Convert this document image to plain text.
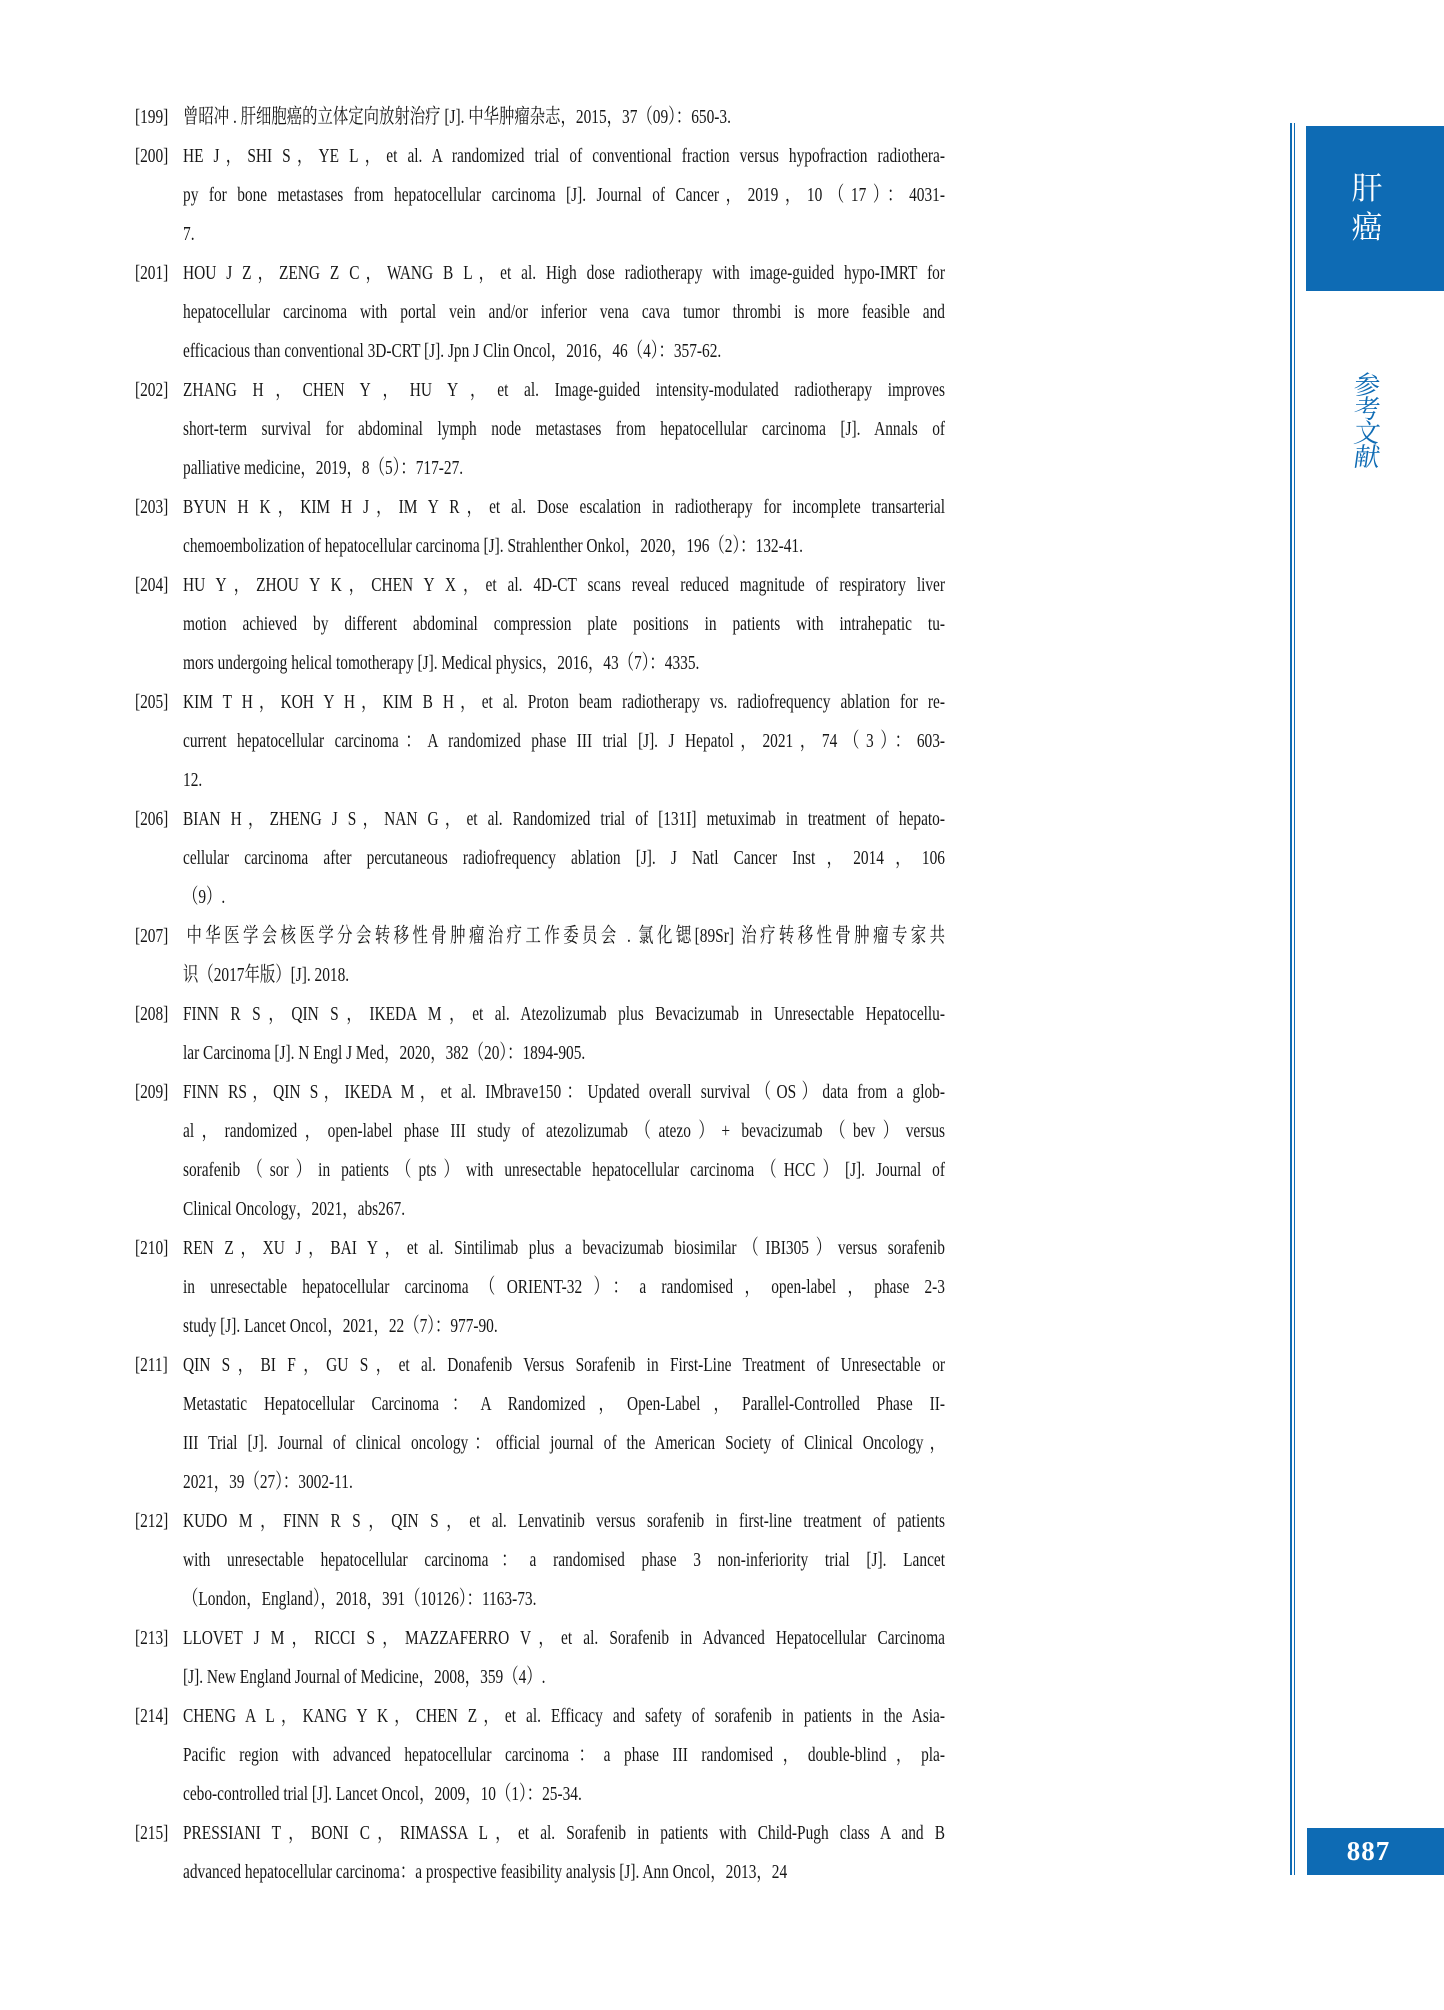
[199] 曾昭冲 . 肝细胞癌的立体定向放射治疗 [J]. 中华肿瘤杂志，2015，37（09）：650-3.
[200] HE J，SHI S，YE L，et al. A randomized trial of conventional fraction versus hypofraction radiothera-
py for bone metastases from hepatocellular carcinoma [J]. Journal of Cancer，2019，10（17）：4031-
7.
[201] HOU J Z，ZENG Z C，WANG B L，et al. High dose radiotherapy with image-guided hypo-IMRT for
hepatocellular carcinoma with portal vein and/or inferior vena cava tumor thrombi is more feasible and
efficacious than conventional 3D-CRT [J]. Jpn J Clin Oncol，2016，46（4）：357-62.
[202] ZHANG H，CHEN Y，HU Y，et al. Image-guided intensity-modulated radiotherapy improves
short-term survival for abdominal lymph node metastases from hepatocellular carcinoma [J]. Annals of
palliative medicine，2019，8（5）：717-27.
[203] BYUN H K，KIM H J，IM Y R，et al. Dose escalation in radiotherapy for incomplete transarterial
chemoembolization of hepatocellular carcinoma [J]. Strahlenther Onkol，2020，196（2）：132-41.
[204] HU Y，ZHOU Y K，CHEN Y X，et al. 4D-CT scans reveal reduced magnitude of respiratory liver
motion achieved by different abdominal compression plate positions in patients with intrahepatic tu-
mors undergoing helical tomotherapy [J]. Medical physics，2016，43（7）：4335.
[205] KIM T H，KOH Y H，KIM B H，et al. Proton beam radiotherapy vs. radiofrequency ablation for re-
current hepatocellular carcinoma：A randomized phase III trial [J]. J Hepatol，2021，74（3）：603-
12.
[206] BIAN H，ZHENG J S，NAN G，et al. Randomized trial of [131I] metuximab in treatment of hepato-
cellular carcinoma after percutaneous radiofrequency ablation [J]. J Natl Cancer Inst，2014，106
（9）.
[207] 中华医学会核医学分会转移性骨肿瘤治疗工作委员会 . 氯化锶[89Sr] 治疗转移性骨肿瘤专家共
识（2017年版）[J]. 2018.
[208] FINN R S，QIN S，IKEDA M，et al. Atezolizumab plus Bevacizumab in Unresectable Hepatocellu-
lar Carcinoma [J]. N Engl J Med，2020，382（20）：1894-905.
[209] FINN RS，QIN S，IKEDA M，et al. IMbrave150：Updated overall survival（OS）data from a glob-
al，randomized，open-label phase III study of atezolizumab（atezo）+ bevacizumab（bev）versus
sorafenib（sor）in patients（pts）with unresectable hepatocellular carcinoma（HCC）[J]. Journal of
Clinical Oncology，2021，abs267.
[210] REN Z，XU J，BAI Y，et al. Sintilimab plus a bevacizumab biosimilar（IBI305）versus sorafenib
in unresectable hepatocellular carcinoma（ORIENT-32）：a randomised，open-label，phase 2-3
study [J]. Lancet Oncol，2021，22（7）：977-90.
[211] QIN S，BI F，GU S，et al. Donafenib Versus Sorafenib in First-Line Treatment of Unresectable or
Metastatic Hepatocellular Carcinoma：A Randomized，Open-Label，Parallel-Controlled Phase II-
III Trial [J]. Journal of clinical oncology：official journal of the American Society of Clinical Oncology，
2021，39（27）：3002-11.
[212] KUDO M，FINN R S，QIN S，et al. Lenvatinib versus sorafenib in first-line treatment of patients
with unresectable hepatocellular carcinoma：a randomised phase 3 non-inferiority trial [J]. Lancet
（London，England），2018，391（10126）：1163-73.
[213] LLOVET J M，RICCI S，MAZZAFERRO V，et al. Sorafenib in Advanced Hepatocellular Carcinoma
[J]. New England Journal of Medicine，2008，359（4）.
[214] CHENG A L，KANG Y K，CHEN Z，et al. Efficacy and safety of sorafenib in patients in the Asia-
Pacific region with advanced hepatocellular carcinoma：a phase III randomised，double-blind，pla-
cebo-controlled trial [J]. Lancet Oncol，2009，10（1）：25-34.
[215] PRESSIANI T，BONI C，RIMASSA L，et al. Sorafenib in patients with Child-Pugh class A and B
advanced hepatocellular carcinoma：a prospective feasibility analysis [J]. Ann Oncol，2013，24
肝
癌
参
考
文
献
887
